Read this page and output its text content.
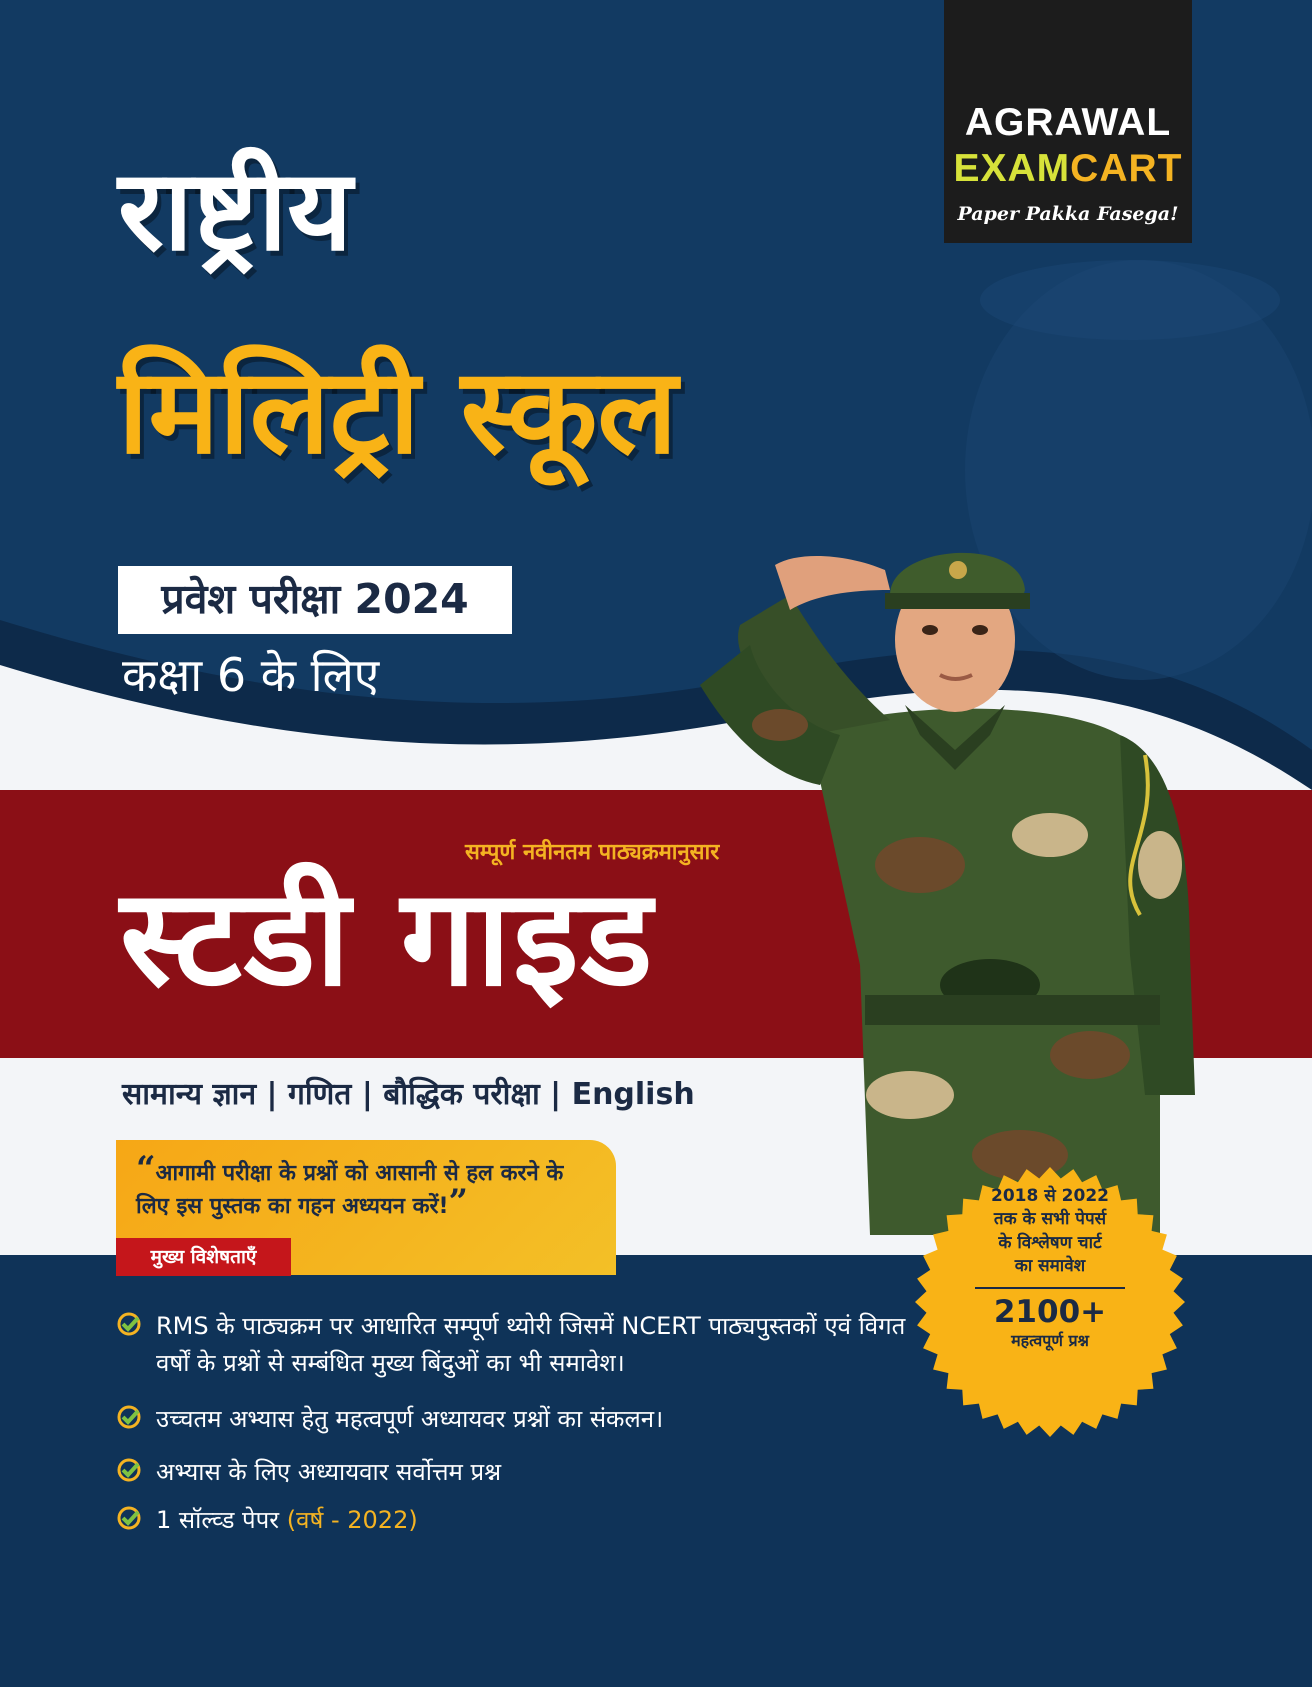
AGRAWAL
EXAMCART
Paper Pakka Fasega!
राष्ट्रीय
मिलिट्री स्कूल
प्रवेश परीक्षा 2024
कक्षा 6 के लिए
सम्पूर्ण नवीनतम पाठ्यक्रमानुसार
स्टडी गाइड
सामान्य ज्ञान | गणित | बौद्धिक परीक्षा | English
“आगामी परीक्षा के प्रश्नों को आसानी से हल करने के लिए इस पुस्तक का गहन अध्ययन करें!”
मुख्य विशेषताएँ
RMS के पाठ्यक्रम पर आधारित सम्पूर्ण थ्योरी जिसमें NCERT पाठ्यपुस्तकों एवं विगत वर्षों के प्रश्नों से सम्बंधित मुख्य बिंदुओं का भी समावेश।
उच्चतम अभ्यास हेतु महत्वपूर्ण अध्यायवर प्रश्नों का संकलन।
अभ्यास के लिए अध्यायवार सर्वोत्तम प्रश्न
1 सॉल्व्ड पेपर (वर्ष - 2022)
2018 से 2022
तक के सभी पेपर्स
के विश्लेषण चार्ट
का समावेश
2100+
महत्वपूर्ण प्रश्न
